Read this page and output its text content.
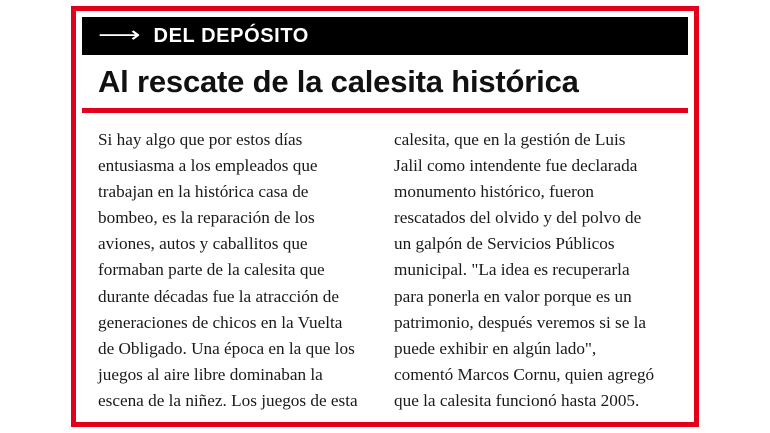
⟶ DEL DEPÓSITO
Al rescate de la calesita histórica

Si hay algo que por estos días entusiasma a los empleados que trabajan en la histórica casa de bombeo, es la reparación de los aviones, autos y caballitos que formaban parte de la calesita que durante décadas fue la atracción de generaciones de chicos en la Vuelta de Obligado. Una época en la que los juegos al aire libre dominaban la escena de la niñez. Los juegos de esta

calesita, que en la gestión de Luis Jalil como intendente fue declarada monumento histórico, fueron rescatados del olvido y del polvo de un galpón de Servicios Públicos municipal. "La idea es recuperarla para ponerla en valor porque es un patrimonio, después veremos si se la puede exhibir en algún lado", comentó Marcos Cornu, quien agregó que la calesita funcionó hasta 2005.
